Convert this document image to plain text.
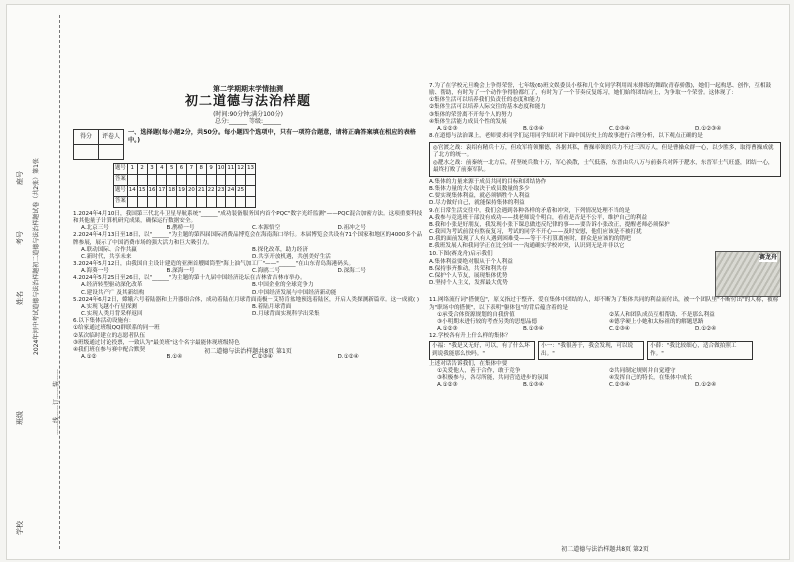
学校
班级
姓名
考号
座号	2024年河中考试道德与法治样题初二道德与法治样题试卷（共2张）第1张
……线……订……装……

第二学期期末学情抽测

初二道德与法治样题

(时间:90分钟;满分100分)

总分:______ 等级:______

得分	评卷人

一、选择题(每小题2分，共50分。每小题四个选项中，只有一项符合题意，请将正确答案填在相应的表格中。)

题号	1	2	3	4	5	6	7	8	9	10	11	12	13
答案													
题号	14	15	16	17	18	19	20	21	22	23	24	25	
答案													

1.2024年4月10日，我国第三代北斗卫星导航系统"______"成功装备服务国内首个PQC"数字光纤监测"——PQC混合加密方法。这项重要科技和其他量子计算机研究成果，确保运行数据安全。

A.北京三号	B.鹊桥一号	C.本源悟空	D.祖冲之号

2.2024年4月13日至18日，以"______"为主题的第四届国际消费品博览会在海南海口举行。本届博览会共设有71个国家和地区的4000多个品牌参展，展示了中国消费市场的强大活力和巨大吸引力。

A.联动国际、合作共赢	B.探化改革，助力经济
C.新时代，共享未来	D.共享开放机遇，共创美好生活

3.2024年5月12日，由我国自主设计建造的亚洲首艘圆筒型"海上油气加工厂"——"______"在山东青岛海港码头。

A.海葵一号	B.深海一号	C.海鸥二号	D.深海二号

4.2024年5月25日至26日，以"______"为主题的第十九届中国经济论坛在吉林省吉林市举办。

A.经济转型驱动深化改革	B.中国企业的全球竞争力
C.建设共产广 及其新结构	D.中国经济发展与中国经济新动能

5.2024年6月2日，嫦娥六号着陆器和上升器组合体，成功着陆在月球背面南极－艾特肯盆地预选着陆区，开启人类探测新篇章。这一成就( )

A.实现飞越小行星探测	B.着陆月球背面
C.实现人类月背采样返回	D.月球背面实现科学出采集

6.以下集体活动设施有：

①给家通过班级QQ群联系的同一班

②某次临时建立的志愿者队伍

③班级通过讨论投票，一致认为"最美班"这个名字最能体现班级特色

④我们班在参与赛中配合默契

A.①②	B.①④	C.②③④	D.①②④
初二道德与法治样题共8页 第1页

7.为了在学校元旦晚会上争得荣誉，七年级(6)班文娱委员小蔡和几个女同学利用周末排练的舞蹈(青春骄傲)，她们一起构思、创作，互相鼓励、帮助，有时为了一个动作争得脸都红了，有时为了一个节奏反复练习，她们始终团结向上，为争取一个荣誉。这体现了：

①集体生活可以培养我们负责任的态度和能力

②集体生活可以培养人际交往的基本态度和能力

③集体的荣誉离不开每个人的努力

④集体生活能力成员个性的发展

A.①②③	B.①③④	C.②③④	D.①②③④

8.在道德与法治课上，老师要求同学们运用同学知识对下面中国历史上的故事进行合理分析，以下观点正确的是

◎官渡之战：袁绍有精兵十万，但攻军将领懈德，各据其私，曹操率领的兵力不过三四万人，但是曹操众群一心，以少胜多，取得曹操成就了北方的统一。
◎淝水之战：前秦统一北方后，苻坚统兵数十万，军心涣散，士气低落，东晋由兵八万与前秦兵对阵于淝水，东晋军士气旺盛，团结一心，最终打败了前秦军队。

A.集体的力量来源于成员共同的目标和团结协作

B.集体力量的大小取决于成员数量的多少

C.要实现集体利益，就必须牺牲个人利益

D.尽力做好自己，就能保持集体的利益

9.在日常生活交往中，我们会遇到各种各样的矛盾和冲突，下列情况处理不当的是

A.我参与竞选班干部没有成功——找老师说个明白，看看是否是不公平，维护自己的利益

B.我和小张是好朋友，我发现小张下课总做违反纪律的事——要告诉小张改正，提醒老师必须保护

C.我因为考试前没有熬夜复习，考试的同学不开心——及时安慰，他们应该是不被打扰

D.我的面前发现了人有人遇到困难受——等于不打算离座时，群众是应该的的错吧

E.我班发展人和我同学正在比全国一一沟通确实学校冲突，认识到无是并非以它

10.下图(赛龙舟)启示我们

A.集体利益要绝对服从于个人利益

B.保持事齐推动，共荣和利共存

C.保护个人节友，展现集体优势

D.坚持个人主义，发挥最大优势

赛龙舟

11.网络流行词"搭便包"，原义指过于整齐、爱在集体中团结的人，却不断为了集体共同的利益而付出，被一个团队里"不断付出"的人称，被称为"职场中的搭便"，以下表明"躯体包"的背后蕴含着的是

①承受合体资源规划的自我价值	②某人和团队成员互相帮助、不是那么利益
③小明期末进行较的考查另类的思想品德	④德学硬上小她和太标祖的的解题思路
A.①②③	B.①③④	C.②③④	D.①②④

12.学校各有升上什么样的集体？

小福："我是又无好，可以，有了什么坏到说我能那么快吗。"
小一："我很善于，我会发现，可以说出。"
小薛："我比较细心，适合做拍照工作。"

上述对话告诉我们，在集体中要

①关爱他人，善于合作，敢于竞争	②共同制定规则并自觉遵守
③积极参与，各尽所能，共同营造进步的氛围	④发挥自己的特长，在集体中成长
A.①②③	B.①③④	C.②③④	D.①②④
初二道德与法治样题共8页 第2页
